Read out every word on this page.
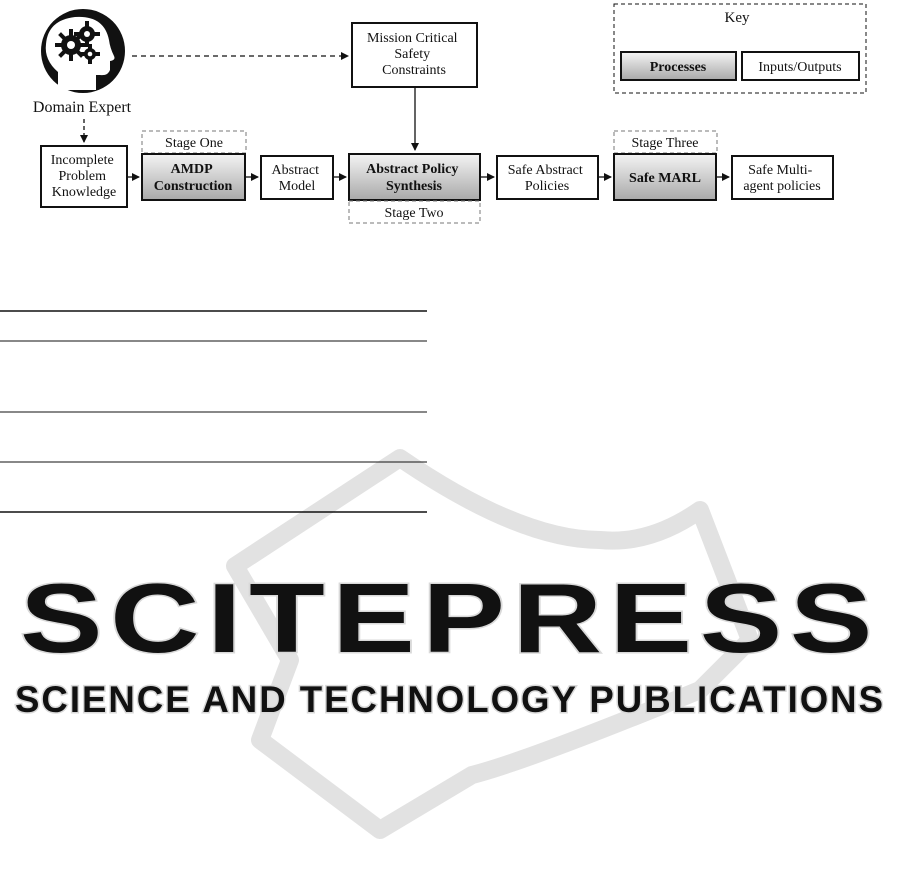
SCITEPRESS
SCIENCE AND TECHNOLOGY PUBLICATIONS
Domain Expert
Key
Processes	Inputs/Outputs
Mission Critical Safety Constraints
Incomplete Problem Knowledge
Stage One
AMDP Construction
Abstract Model
Abstract Policy Synthesis
Stage Two
Safe Abstract Policies
Stage Three
Safe MARL
Safe Multi- agent policies
